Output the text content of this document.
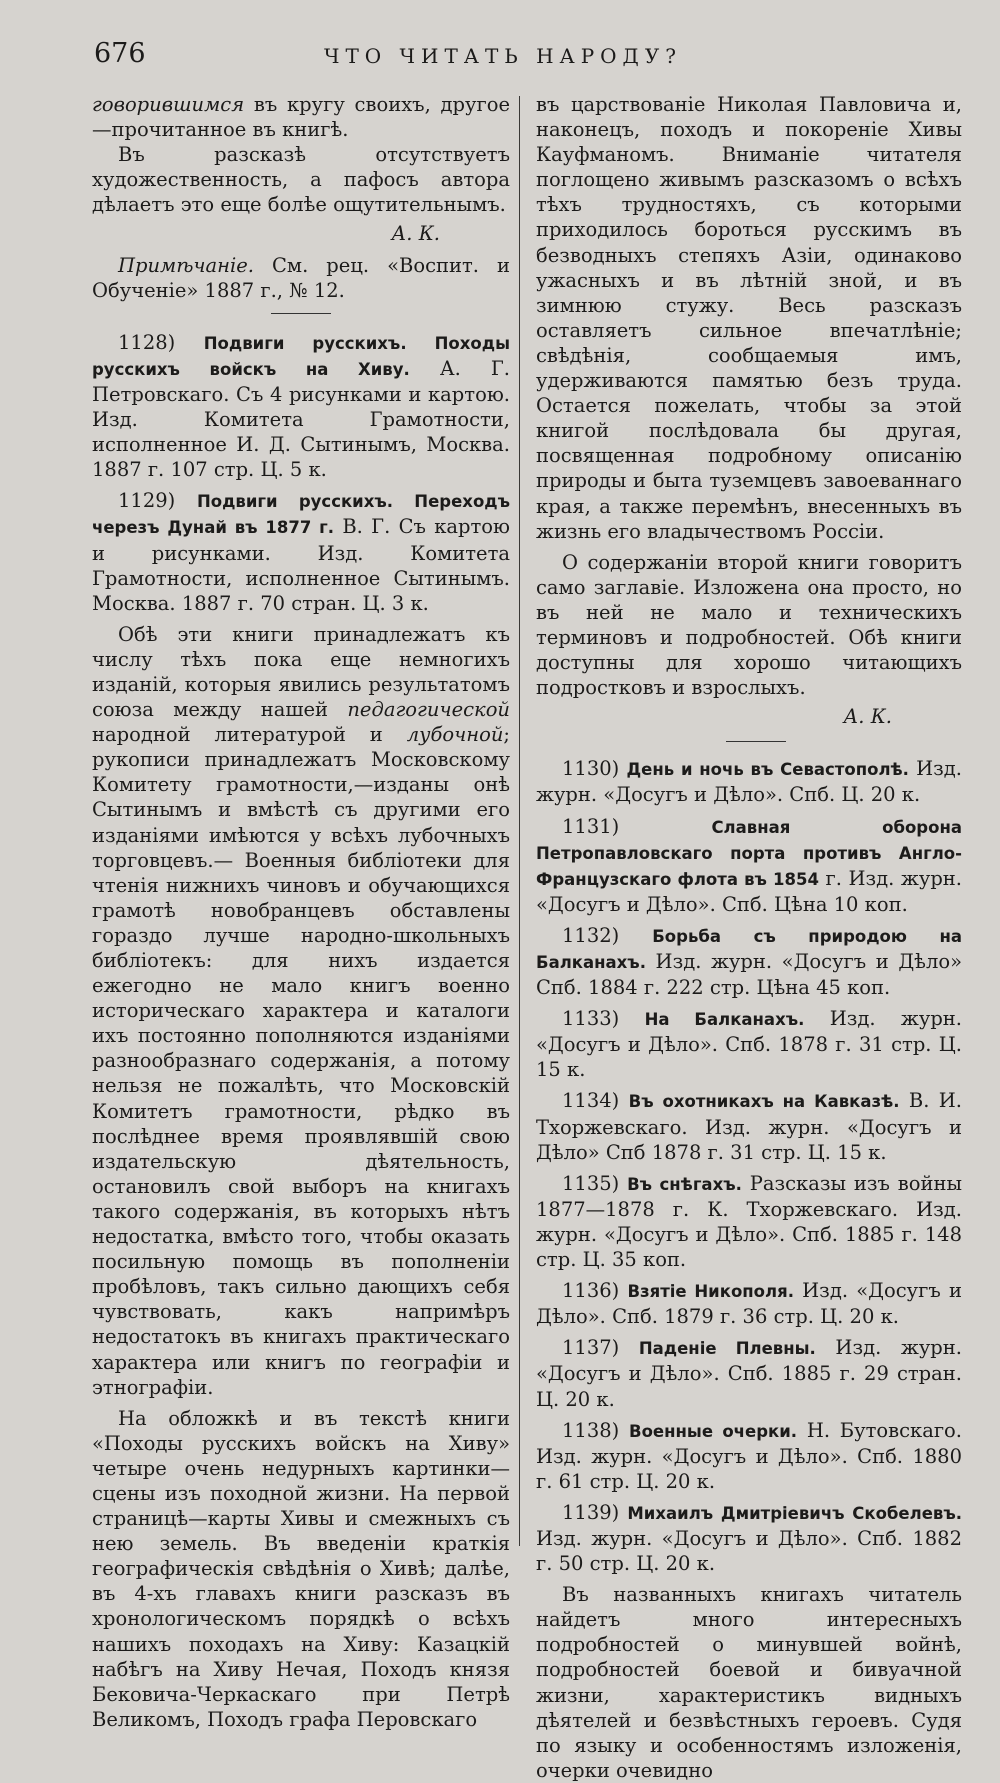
676	ЧТО ЧИТАТЬ НАРОДУ?

говорившимся въ кругу своихъ, другое—прочитанное въ книгѣ.

Въ разсказѣ отсутствуетъ художественность, а пафосъ автора дѣлаетъ это еще болѣе ощутительнымъ.

А. К.

Примѣчаніе. См. рец. «Воспит. и Обученіе» 1887 г., № 12.

1128) Подвиги русскихъ. Походы русскихъ войскъ на Хиву. А. Г. Петровскаго. Съ 4 рисунками и картою. Изд. Комитета Грамотности, исполненное И. Д. Сытинымъ, Москва. 1887 г. 107 стр. Ц. 5 к.

1129) Подвиги русскихъ. Переходъ черезъ Дунай въ 1877 г. В. Г. Съ картою и рисунками. Изд. Комитета Грамотности, исполненное Сытинымъ. Москва. 1887 г. 70 стран. Ц. 3 к.

Обѣ эти книги принадлежатъ къ числу тѣхъ пока еще немногихъ изданій, которыя явились результатомъ союза между нашей педагогической народной литературой и лубочной; рукописи принадлежатъ Московскому Комитету грамотности,—изданы онѣ Сытинымъ и вмѣстѣ съ другими его изданіями имѣются у всѣхъ лубочныхъ торговцевъ.— Военныя библіотеки для чтенія нижнихъ чиновъ и обучающихся грамотѣ новобранцевъ обставлены гораздо лучше народно-школьныхъ библіотекъ: для нихъ издается ежегодно не мало книгъ военно историческаго характера и каталоги ихъ постоянно пополняются изданіями разнообразнаго содержанія, а потому нельзя не пожалѣть, что Московскій Комитетъ грамотности, рѣдко въ послѣднее время проявлявшій свою издательскую дѣятельность, остановилъ свой выборъ на книгахъ такого содержанія, въ которыхъ нѣтъ недостатка, вмѣсто того, чтобы оказать посильную помощь въ пополненіи пробѣловъ, такъ сильно дающихъ себя чувствовать, какъ напримѣръ недостатокъ въ книгахъ практическаго характера или книгъ по географіи и этнографіи.

На обложкѣ и въ текстѣ книги «Походы русскихъ войскъ на Хиву» четыре очень недурныхъ картинки—сцены изъ походной жизни. На первой страницѣ—карты Хивы и смежныхъ съ нею земель. Въ введеніи краткія географическія свѣдѣнія о Хивѣ; далѣе, въ 4-хъ главахъ книги разсказъ въ хронологическомъ порядкѣ о всѣхъ нашихъ походахъ на Хиву: Казацкій набѣгъ на Хиву Нечая, Походъ князя Бековича-Черкаскаго при Петрѣ Великомъ, Походъ графа Перовскаго

въ царствованіе Николая Павловича и, наконецъ, походъ и покореніе Хивы Кауфманомъ. Вниманіе читателя поглощено живымъ разсказомъ о всѣхъ тѣхъ трудностяхъ, съ которыми приходилось бороться русскимъ въ безводныхъ степяхъ Азіи, одинаково ужасныхъ и въ лѣтній зной, и въ зимнюю стужу. Весь разсказъ оставляетъ сильное впечатлѣніе; свѣдѣнія, сообщаемыя имъ, удерживаются памятью безъ труда. Остается пожелать, чтобы за этой книгой послѣдовала бы другая, посвященная подробному описанію природы и быта туземцевъ завоеваннаго края, а также перемѣнъ, внесенныхъ въ жизнь его владычествомъ Россіи.

О содержаніи второй книги говоритъ само заглавіе. Изложена она просто, но въ ней не мало и техническихъ терминовъ и подробностей. Обѣ книги доступны для хорошо читающихъ подростковъ и взрослыхъ.

А. К.

1130) День и ночь въ Севастополѣ. Изд. журн. «Досугъ и Дѣло». Спб. Ц. 20 к.

1131)	Славная оборона Петропавловскаго порта противъ Англо-Французскаго флота въ 1854 г. Изд. журн. «Досугъ и Дѣло». Спб. Цѣна 10 коп.

1132) Борьба съ природою на Балканахъ. Изд. журн. «Досугъ и Дѣло» Спб. 1884 г. 222 стр. Цѣна 45 коп.

1133) На Балканахъ. Изд. журн. «Досугъ и Дѣло». Спб. 1878 г. 31 стр. Ц. 15 к.

1134) Въ охотникахъ на Кавказѣ. В. И. Тхоржевскаго. Изд. журн. «Досугъ и Дѣло» Спб 1878 г. 31 стр. Ц. 15 к.

1135) Въ снѣгахъ. Разсказы изъ войны 1877—1878 г. К. Тхоржевскаго. Изд. журн. «Досугъ и Дѣло». Спб. 1885 г. 148 стр. Ц. 35 коп.

1136) Взятіе Никополя. Изд. «Досугъ и Дѣло». Спб. 1879 г. 36 стр. Ц. 20 к.

1137) Паденіе Плевны. Изд. журн. «Досугъ и Дѣло». Спб. 1885 г. 29 стран. Ц. 20 к.

1138) Военные очерки. Н. Бутовскаго. Изд. журн. «Досугъ и Дѣло». Спб. 1880 г. 61 стр. Ц. 20 к.

1139) Михаилъ Дмитріевичъ Скобелевъ. Изд. журн. «Досугъ и Дѣло». Спб. 1882 г. 50 стр. Ц. 20 к.

Въ названныхъ книгахъ читатель найдетъ много интересныхъ подробностей о минувшей войнѣ, подробностей боевой и бивуачной жизни, характеристикъ видныхъ дѣятелей и безвѣстныхъ героевъ. Судя по языку и особенностямъ изложенія, очерки очевидно
